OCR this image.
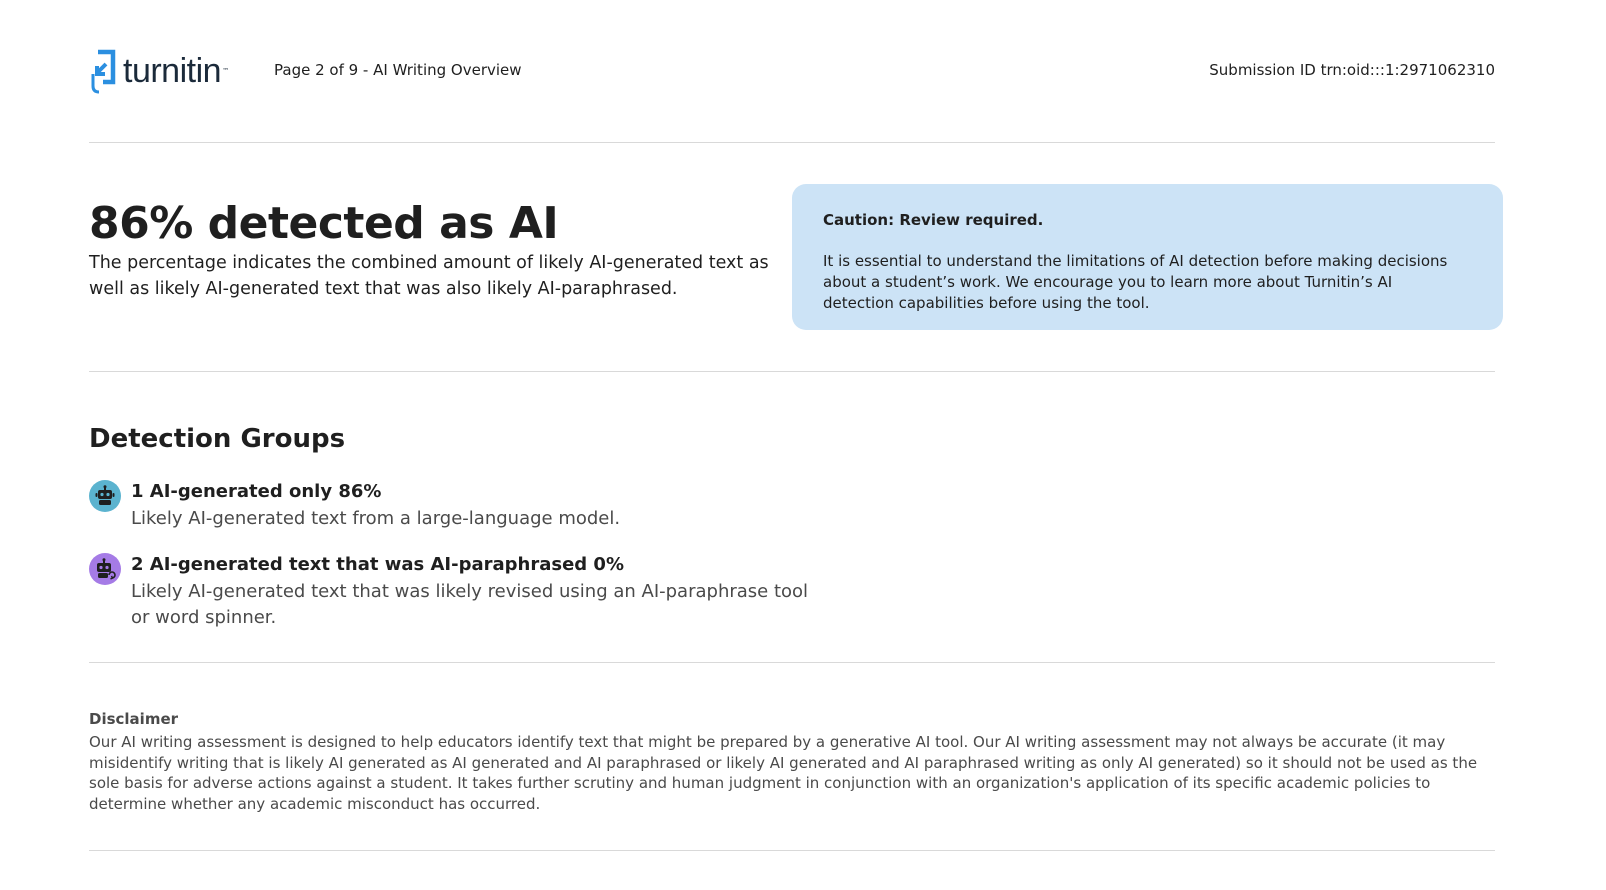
turnitin ™	Page 2 of 9 - AI Writing Overview	Submission ID trn:oid:::1:2971062310
86% detected as AI
The percentage indicates the combined amount of likely AI-generated text as well as likely AI-generated text that was also likely AI-paraphrased.
Caution: Review required.
It is essential to understand the limitations of AI detection before making decisions about a student’s work. We encourage you to learn more about Turnitin’s AI detection capabilities before using the tool.
Detection Groups
1 AI-generated only 86%
Likely AI-generated text from a large-language model.
2 AI-generated text that was AI-paraphrased 0%
Likely AI-generated text that was likely revised using an AI-paraphrase tool or word spinner.
Disclaimer
Our AI writing assessment is designed to help educators identify text that might be prepared by a generative AI tool. Our AI writing assessment may not always be accurate (it may misidentify writing that is likely AI generated as AI generated and AI paraphrased or likely AI generated and AI paraphrased writing as only AI generated) so it should not be used as the sole basis for adverse actions against a student. It takes further scrutiny and human judgment in conjunction with an organization's application of its specific academic policies to determine whether any academic misconduct has occurred.
